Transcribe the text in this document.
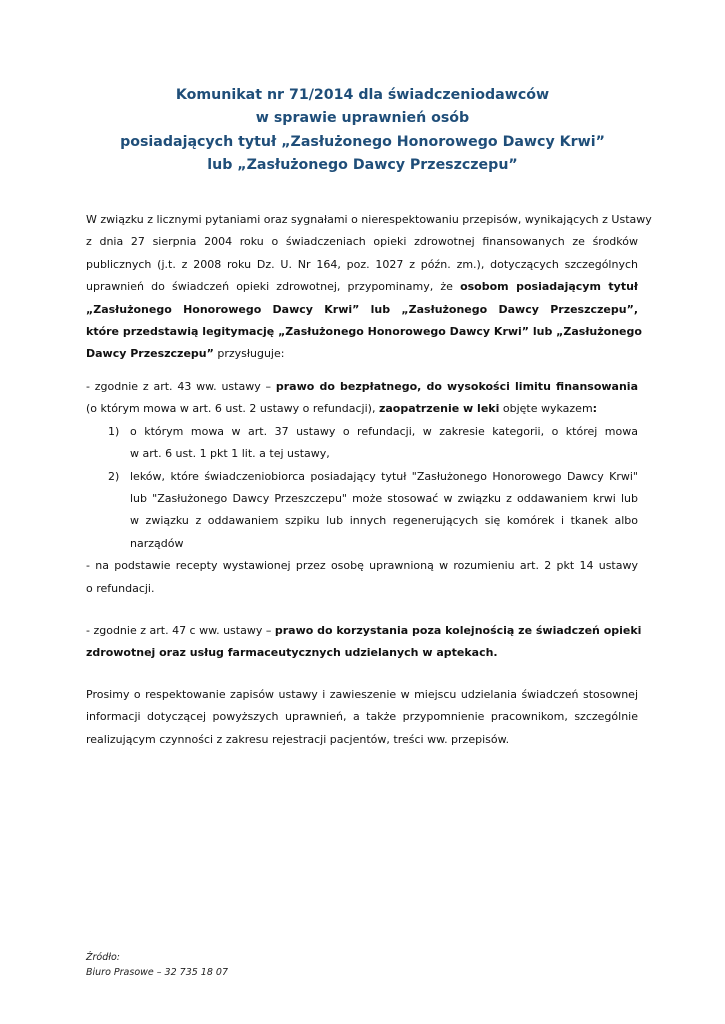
Komunikat nr 71/2014 dla świadczeniodawców
w sprawie uprawnień osób
posiadających tytuł „Zasłużonego Honorowego Dawcy Krwi”
lub „Zasłużonego Dawcy Przeszczepu”
W związku z licznymi pytaniami oraz sygnałami o nierespektowaniu przepisów, wynikających z Ustawy
z dnia 27 sierpnia 2004 roku o świadczeniach opieki zdrowotnej finansowanych ze środków
publicznych (j.t. z 2008 roku Dz. U. Nr 164, poz. 1027 z późn. zm.), dotyczących szczególnych
uprawnień do świadczeń opieki zdrowotnej, przypominamy, że osobom posiadającym tytuł
„Zasłużonego Honorowego Dawcy Krwi” lub „Zasłużonego Dawcy Przeszczepu”,
które przedstawią legitymację „Zasłużonego Honorowego Dawcy Krwi” lub „Zasłużonego
Dawcy Przeszczepu” przysługuje:
- zgodnie z art. 43 ww. ustawy – prawo do bezpłatnego, do wysokości limitu finansowania
(o którym mowa w art. 6 ust. 2 ustawy o refundacji), zaopatrzenie w leki objęte wykazem:
1) o którym mowa w art. 37 ustawy o refundacji, w zakresie kategorii, o której mowa
w art. 6 ust. 1 pkt 1 lit. a tej ustawy,
2) leków, które świadczeniobiorca posiadający tytuł "Zasłużonego Honorowego Dawcy Krwi"
lub "Zasłużonego Dawcy Przeszczepu" może stosować w związku z oddawaniem krwi lub
w związku z oddawaniem szpiku lub innych regenerujących się komórek i tkanek albo
narządów
- na podstawie recepty wystawionej przez osobę uprawnioną w rozumieniu art. 2 pkt 14 ustawy
o refundacji.
- zgodnie z art. 47 c ww. ustawy – prawo do korzystania poza kolejnością ze świadczeń opieki
zdrowotnej oraz usług farmaceutycznych udzielanych w aptekach.
Prosimy o respektowanie zapisów ustawy i zawieszenie w miejscu udzielania świadczeń stosownej
informacji dotyczącej powyższych uprawnień, a także przypomnienie pracownikom, szczególnie
realizującym czynności z zakresu rejestracji pacjentów, treści ww. przepisów.
Źródło:
Biuro Prasowe – 32 735 18 07
